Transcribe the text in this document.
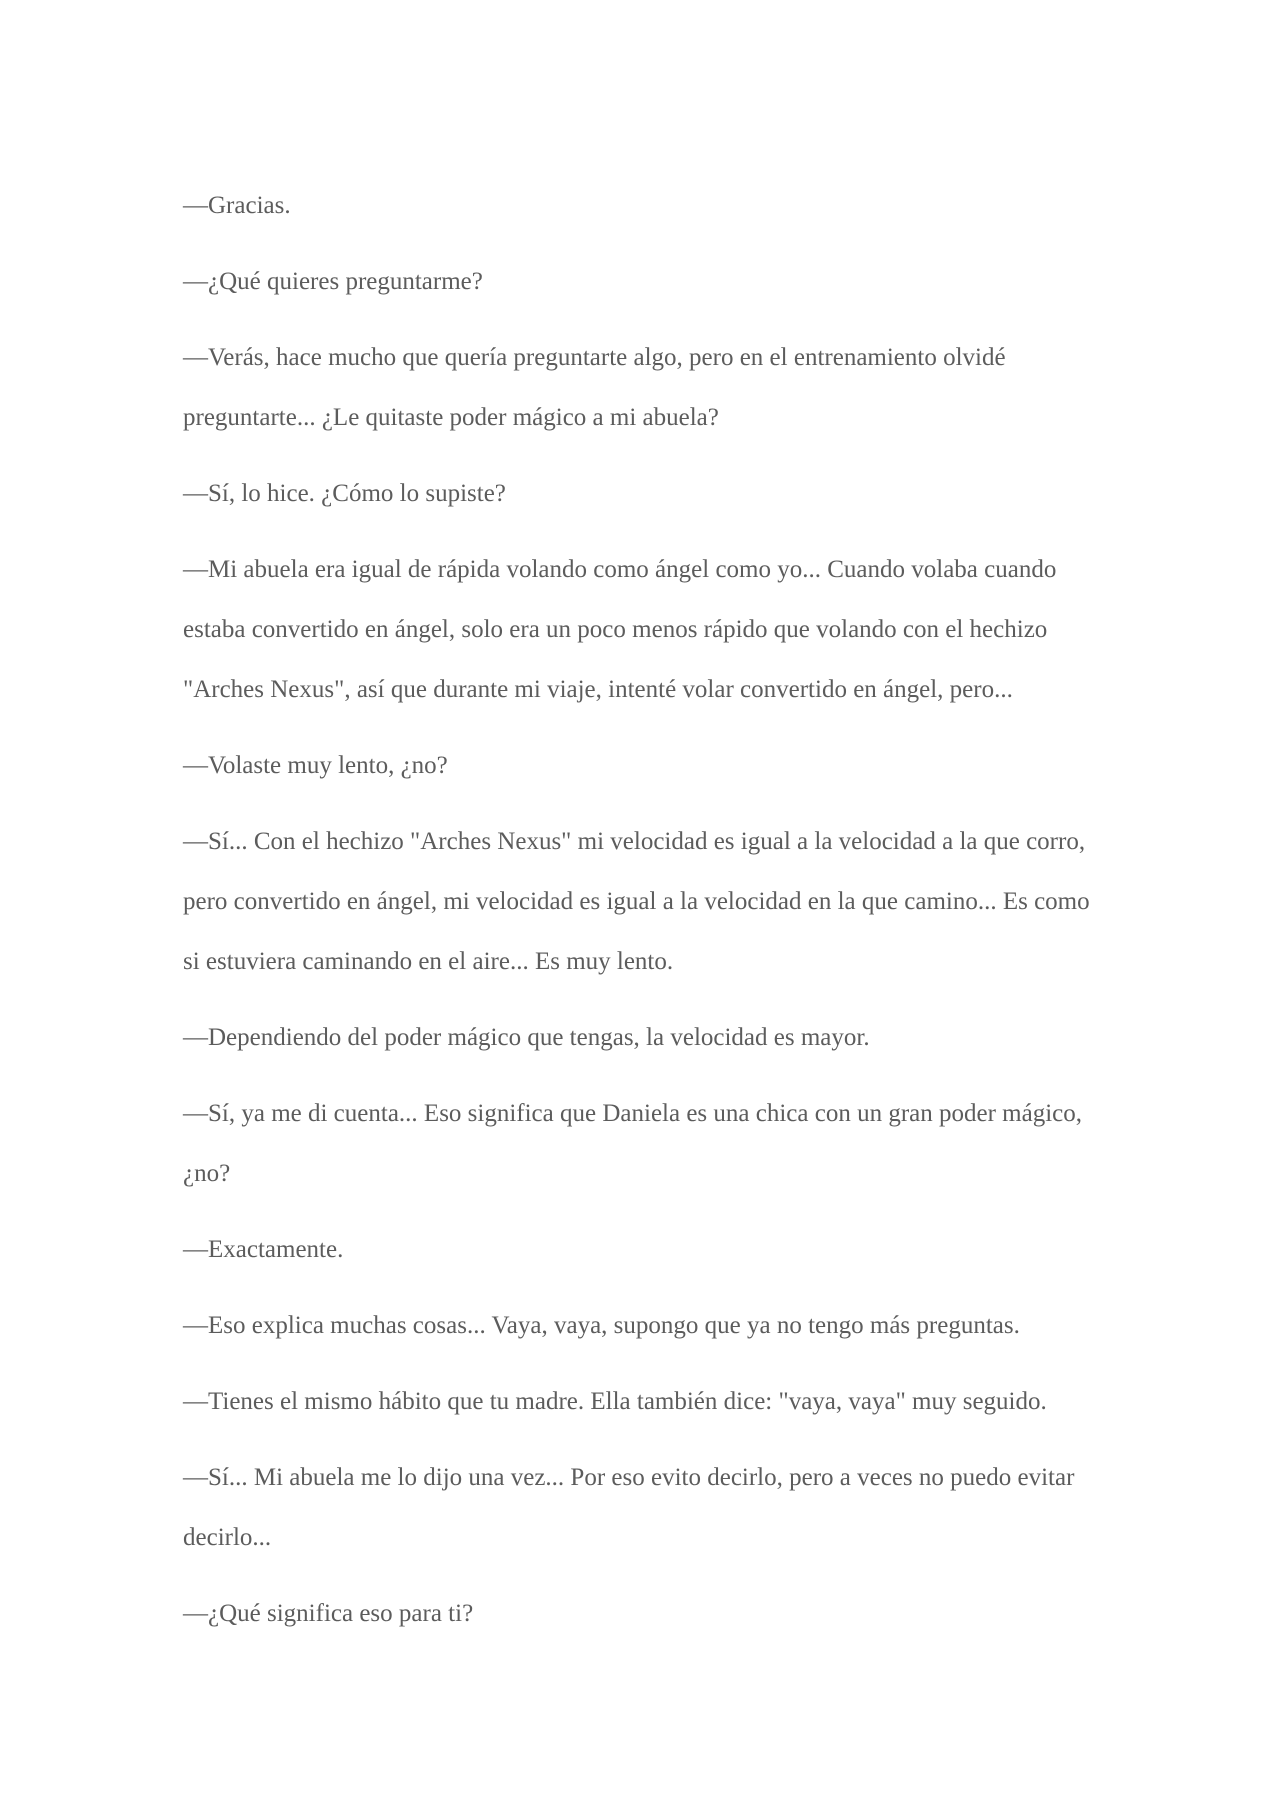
—Gracias.

—¿Qué quieres preguntarme?

—Verás, hace mucho que quería preguntarte algo, pero en el entrenamiento olvidé preguntarte... ¿Le quitaste poder mágico a mi abuela?

—Sí, lo hice. ¿Cómo lo supiste?

—Mi abuela era igual de rápida volando como ángel como yo... Cuando volaba cuando estaba convertido en ángel, solo era un poco menos rápido que volando con el hechizo "Arches Nexus", así que durante mi viaje, intenté volar convertido en ángel, pero...

—Volaste muy lento, ¿no?

—Sí... Con el hechizo "Arches Nexus" mi velocidad es igual a la velocidad a la que corro, pero convertido en ángel, mi velocidad es igual a la velocidad en la que camino... Es como si estuviera caminando en el aire... Es muy lento.

—Dependiendo del poder mágico que tengas, la velocidad es mayor.

—Sí, ya me di cuenta... Eso significa que Daniela es una chica con un gran poder mágico, ¿no?

—Exactamente.

—Eso explica muchas cosas... Vaya, vaya, supongo que ya no tengo más preguntas.

—Tienes el mismo hábito que tu madre. Ella también dice: "vaya, vaya" muy seguido.

—Sí... Mi abuela me lo dijo una vez... Por eso evito decirlo, pero a veces no puedo evitar decirlo...

—¿Qué significa eso para ti?
